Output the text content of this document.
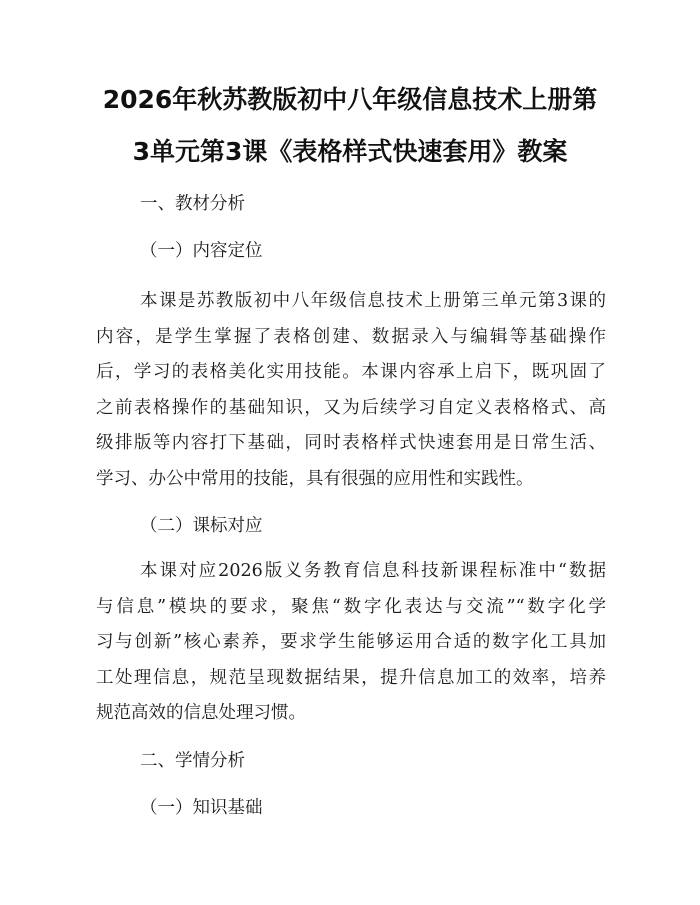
2026年秋苏教版初中八年级信息技术上册第
3单元第3课《表格样式快速套用》教案
一、教材分析
（一）内容定位
本课是苏教版初中八年级信息技术上册第三单元第3课的
内容，是学生掌握了表格创建、数据录入与编辑等基础操作
后，学习的表格美化实用技能。本课内容承上启下，既巩固了
之前表格操作的基础知识，又为后续学习自定义表格格式、高
级排版等内容打下基础，同时表格样式快速套用是日常生活、
学习、办公中常用的技能，具有很强的应用性和实践性。
（二）课标对应
本课对应2026版义务教育信息科技新课程标准中“数据
与信息”模块的要求，聚焦“数字化表达与交流”“数字化学
习与创新”核心素养，要求学生能够运用合适的数字化工具加
工处理信息，规范呈现数据结果，提升信息加工的效率，培养
规范高效的信息处理习惯。
二、学情分析
（一）知识基础
